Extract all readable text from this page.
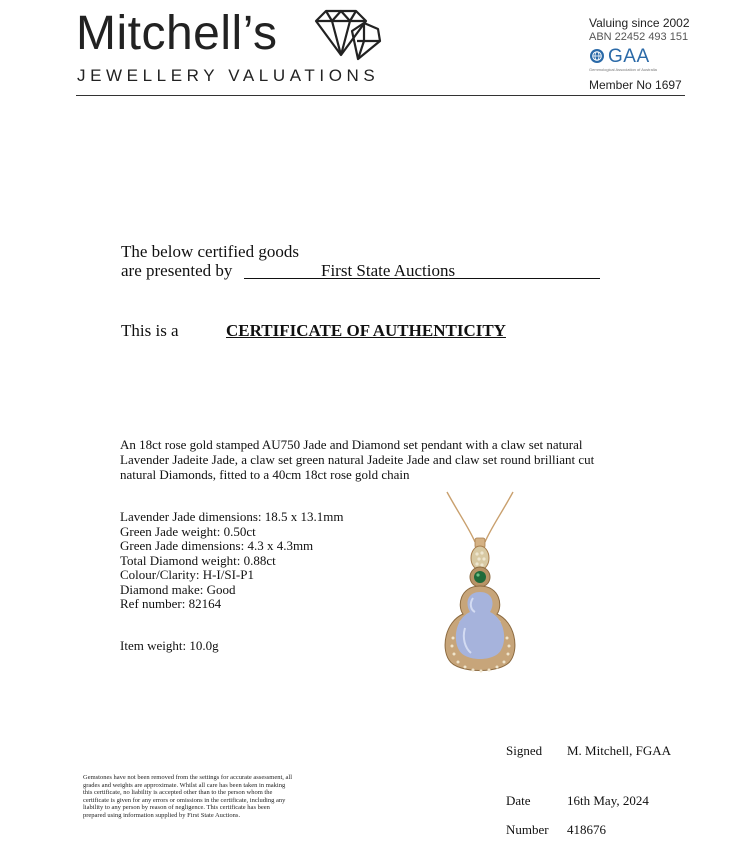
Mitchell’s
JEWELLERY VALUATIONS
Valuing since 2002
ABN 22452 493 151
GAA
Gemmological Association of Australia
Member No 1697
The below certified goods
are presented by	First State Auctions
This is a	CERTIFICATE OF AUTHENTICITY
An 18ct rose gold stamped AU750 Jade and Diamond set pendant with a claw set natural Lavender Jadeite Jade, a claw set green natural Jadeite Jade and claw set round brilliant cut natural Diamonds, fitted to a 40cm 18ct rose gold chain
Lavender Jade dimensions: 18.5 x 13.1mm
Green Jade weight: 0.50ct
Green Jade dimensions: 4.3 x 4.3mm
Total Diamond weight: 0.88ct
Colour/Clarity: H-I/SI-P1
Diamond make: Good
Ref number: 82164
Item weight: 10.0g
Signed M. Mitchell, FGAA
Date	16th May, 2024
Number 418676
Gemstones have not been removed from the settings for accurate assessment, all grades and weights are approximate. Whilst all care has been taken in making this certificate, no liability is accepted other than to the person whom the certificate is given for any errors or omissions in the certificate, including any liability to any person by reason of negligence. This certificate has been prepared using information supplied by First State Auctions.
